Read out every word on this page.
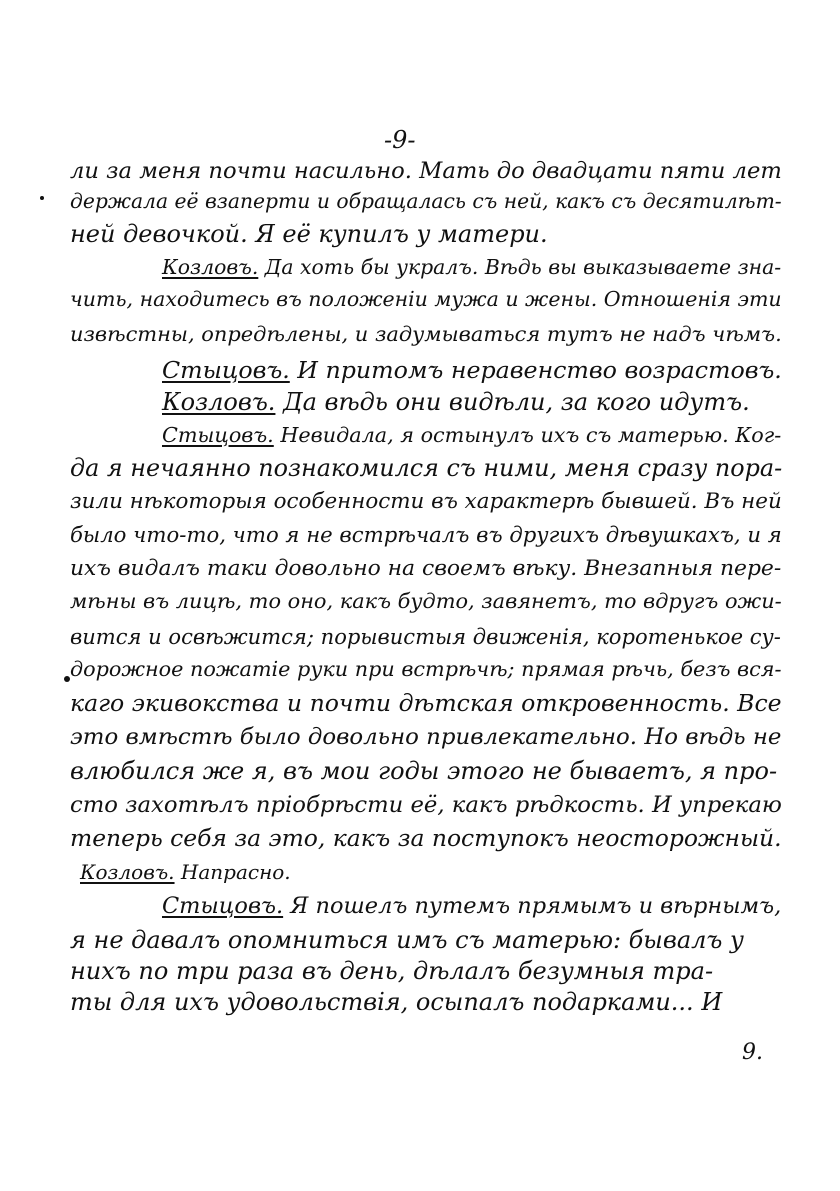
-9-
ли за меня почти насильно. Мать до двадцати пяти лет
держала её взаперти и обращалась съ ней, какъ съ десятилѣт-
ней девочкой. Я её купилъ у матери.
Козловъ. Да хоть бы укралъ. Вѣдь вы выказываете зна-
чить, находитесь въ положеніи мужа и жены. Отношенія эти
извѣстны, опредѣлены, и задумываться тутъ не надъ чѣмъ.
Стыцовъ. И притомъ неравенство возрастовъ.
Козловъ. Да вѣдь они видѣли, за кого идутъ.
Стыцовъ. Невидала, я остынулъ ихъ съ матерью. Ког-
да я нечаянно познакомился съ ними, меня сразу пора-
зили нѣкоторыя особенности въ характерѣ бывшей. Въ ней
было что-то, что я не встрѣчалъ въ другихъ дѣвушкахъ, и я
ихъ видалъ таки довольно на своемъ вѣку. Внезапныя пере-
мѣны въ лицѣ, то оно, какъ будто, завянетъ, то вдругъ ожи-
вится и освѣжится; порывистыя движенія, коротенькое су-
дорожное пожатіе руки при встрѣчѣ; прямая рѣчь, безъ вся-
каго экивокства и почти дѣтская откровенность. Все
это вмѣстѣ было довольно привлекательно. Но вѣдь не
влюбился же я, въ мои годы этого не бываетъ, я про-
сто захотѣлъ пріобрѣсти её, какъ рѣдкость. И упрекаю
теперь себя за это, какъ за поступокъ неосторожный.
Козловъ. Напрасно.
Стыцовъ. Я пошелъ путемъ прямымъ и вѣрнымъ,
я не давалъ опомниться имъ съ матерью: бывалъ у
нихъ по три раза въ день, дѣлалъ безумныя тра-
ты для ихъ удовольствія, осыпалъ подарками... И
9.
